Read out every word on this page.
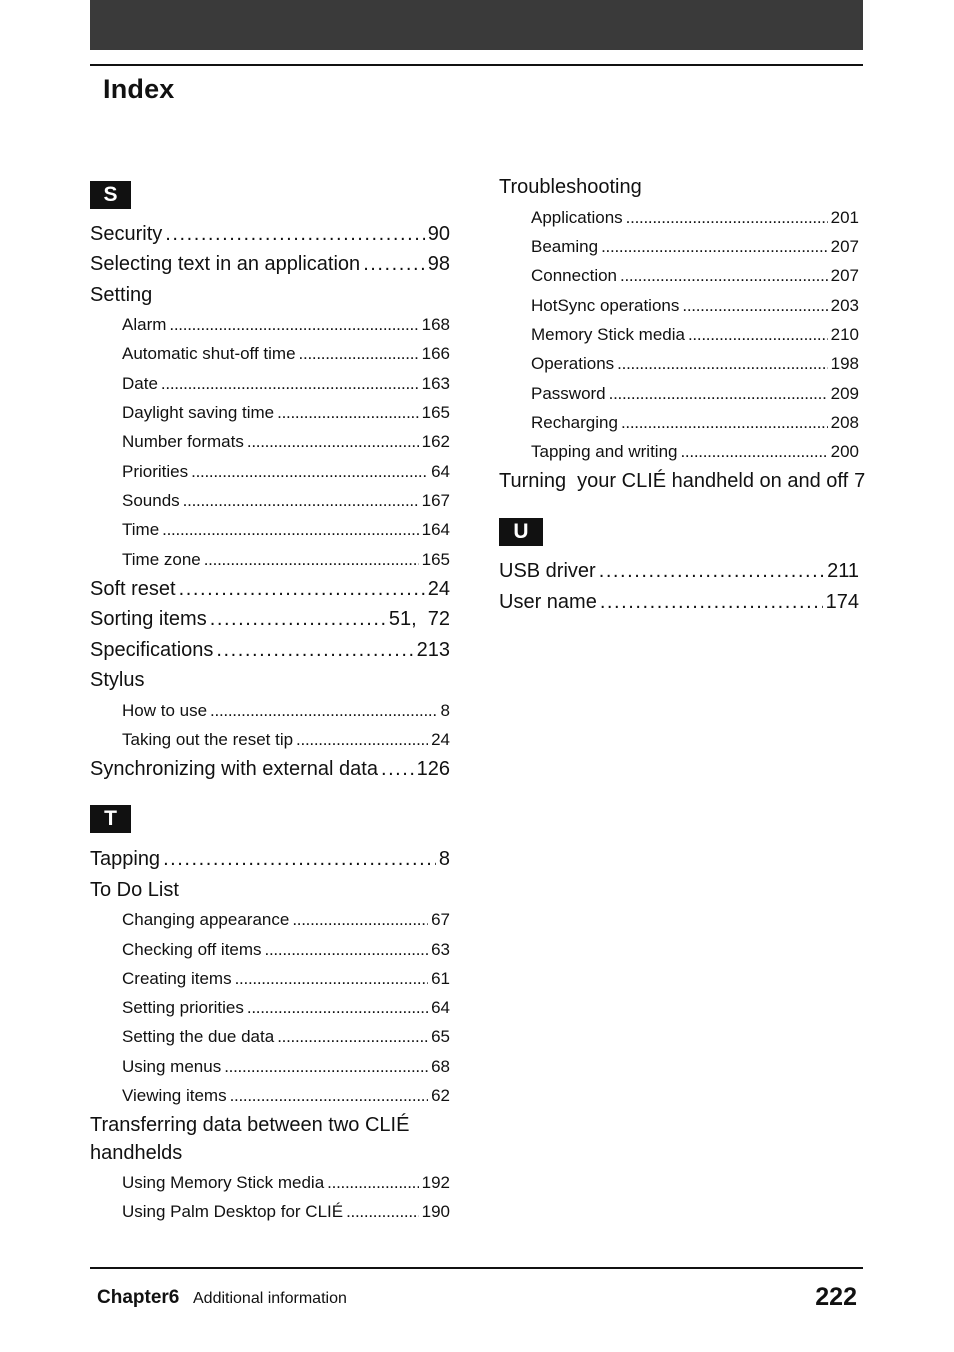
Index
S
Security . . .	90
Selecting text in an application . . .	98
Setting
Alarm . . .	168
Automatic shut-off time . . .	166
Date . . .	163
Daylight saving time . . .	165
Number formats . . .	162
Priorities . . .	64
Sounds . . .	167
Time . . .	164
Time zone . . .	165
Soft reset . . .	24
Sorting items . . .	51,  72
Specifications . . .	213
Stylus
How to use . . .	8
Taking out the reset tip . . .	24
Synchronizing with external data . . . 126
T
Tapping . . .	8
To Do List
Changing appearance . . .	67
Checking off items . . .	63
Creating items . . .	61
Setting priorities . . .	64
Setting the due data . . .	65
Using menus . . .	68
Viewing items . . .	62
Transferring data between two CLIÉ
handhelds
Using Memory Stick media . . .	192
Using Palm Desktop for CLIÉ . . .	190
Troubleshooting
Applications . . .	201
Beaming . . .	207
Connection . . .	207
HotSync operations . . .	203
Memory Stick media . . .	210
Operations . . .	198
Password . . .	209
Recharging . . .	208
Tapping and writing . . .	200
Turning  your CLIÉ handheld on and off 7
U
USB driver . . .	211
User name . . .	174
Chapter6 Additional information	222
